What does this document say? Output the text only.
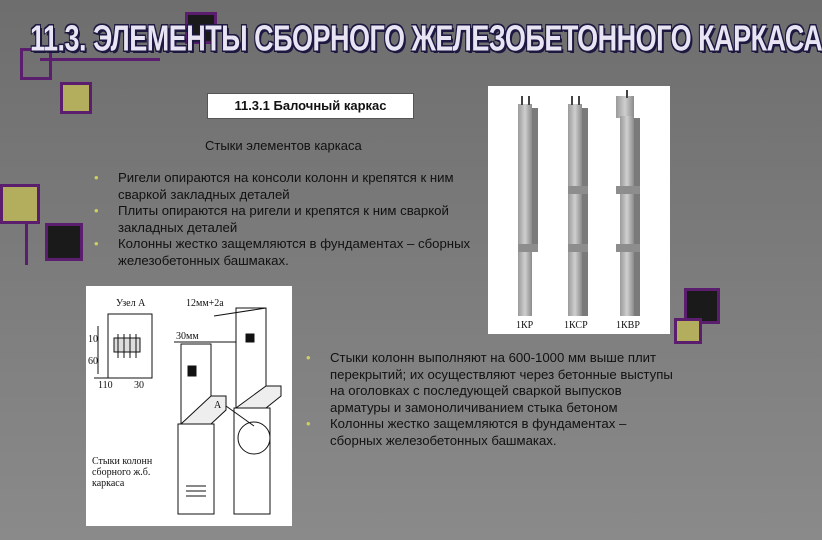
11.3. ЭЛЕМЕНТЫ СБОРНОГО ЖЕЛЕЗОБЕТОННОГО КАРКАСА
11.3.1 Балочный каркас
Стыки элементов каркаса
• Ригели опираются на консоли колонн и крепятся к ним сваркой закладных деталей
• Плиты опираются на ригели и крепятся к ним сваркой закладных деталей
• Колонны жестко защемляются в фундаментах – сборных железобетонных башмаках.
1КР	1КСР	1КВР
Узел А	12мм+2а
30мм
А
10
60
110 30
Стыки колонн сборного ж.б. каркаса
• Стыки колонн выполняют на 600-1000 мм выше плит перекрытий; их осуществляют через бетонные выступы на оголовках с последующей сваркой выпусков арматуры и замоноличиванием стыка бетоном
• Колонны жестко защемляются в фундаментах – сборных железобетонных башмаках.
